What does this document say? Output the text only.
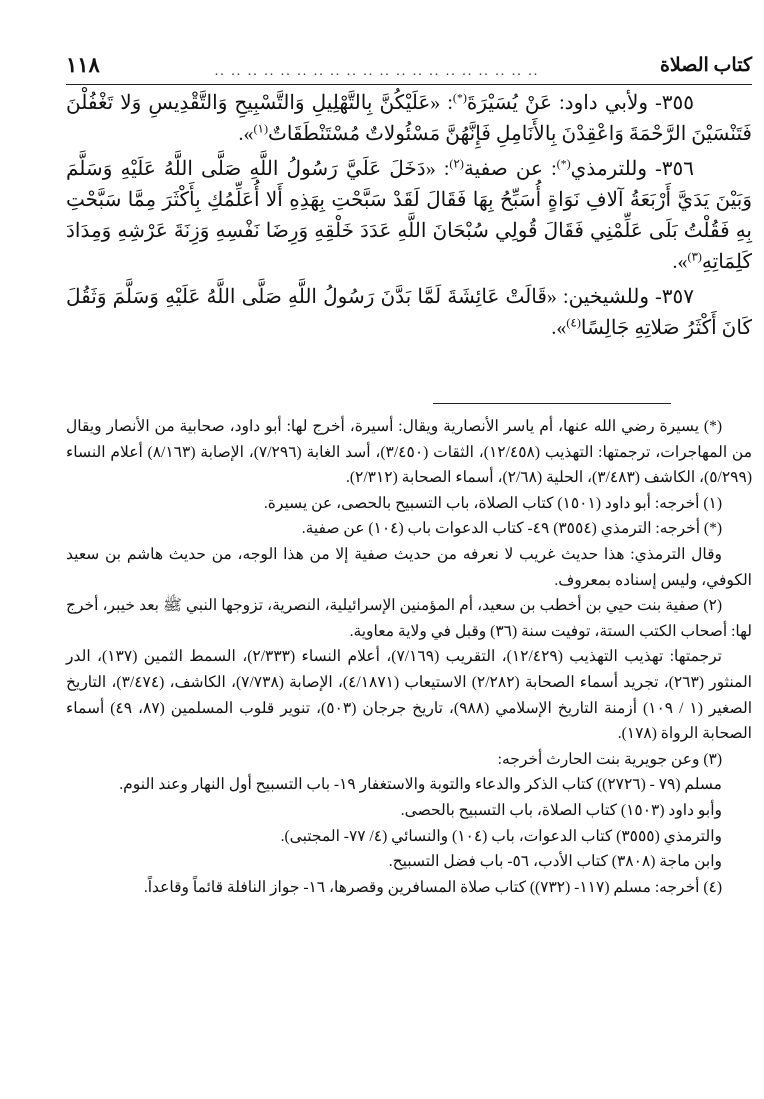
كتاب الصلاة
.. .. .. .. .. .. .. .. .. .. .. .. .. .. .. .. .. .. .. ..
١١٨

٣٥٥- ولأبي داود: عَنْ يُسَيْرَةَ(*): «عَلَيْكُنَّ بِالتَّهْلِيلِ وَالتَّسْبِيحِ وَالتَّقْدِيسِ وَلا تَغْفُلْنَ فَتَنْسَيْنَ الرَّحْمَةَ وَاعْقِدْنَ بِالأَنَامِلِ فَإِنَّهُنَّ مَسْئُولاتٌ مُسْتَنْطَقَاتٌ$^{(١)}$».

٣٥٦- وللترمذي(*): عن صفية$^{(٢)}$: «دَخَلَ عَلَيَّ رَسُولُ اللَّهِ صَلَّى اللَّهُ عَلَيْهِ وَسَلَّمَ وَبَيْنَ يَدَيَّ أَرْبَعَةُ آلافِ نَوَاةٍ أُسَبِّحُ بِهَا فَقَالَ لَقَدْ سَبَّحْتِ بِهَذِهِ أَلا أُعَلِّمُكِ بِأَكْثَرَ مِمَّا سَبَّحْتِ بِهِ فَقُلْتُ بَلَى عَلِّمْنِي فَقَالَ قُولِي سُبْحَانَ اللَّهِ عَدَدَ خَلْقِهِ وَرِضَا نَفْسِهِ وَزِنَةَ عَرْشِهِ وَمِدَادَ كَلِمَاتِهِ$^{(٣)}$».

٣٥٧- وللشيخين: «قَالَتْ عَائِشَةَ لَمَّا بَدَّنَ رَسُولُ اللَّهِ صَلَّى اللَّهُ عَلَيْهِ وَسَلَّمَ وَثَقُلَ كَانَ أَكْثَرُ صَلاتِهِ جَالِسًا$^{(٤)}$».

(*) يسيرة رضي الله عنها، أم ياسر الأنصارية ويقال: أسيرة، أخرج لها: أبو داود، صحابية من الأنصار ويقال من المهاجرات، ترجمتها: التهذيب (١٢/٤٥٨)، الثقات (٣/٤٥٠)، أسد الغابة (٧/٢٩٦)، الإصابة (٨/١٦٣) أعلام النساء (٥/٢٩٩)، الكاشف (٣/٤٨٣)، الحلية (٢/٦٨)، أسماء الصحابة (٢/٣١٢).

(١) أخرجه: أبو داود (١٥٠١) كتاب الصلاة، باب التسبيح بالحصى، عن يسيرة.

(*) أخرجه: الترمذي (٣٥٥٤) ٤٩- كتاب الدعوات باب (١٠٤) عن صفية.

وقال الترمذي: هذا حديث غريب لا نعرفه من حديث صفية إلا من هذا الوجه، من حديث هاشم بن سعيد الكوفي، وليس إسناده بمعروف.

(٢) صفية بنت حيي بن أخطب بن سعيد، أم المؤمنين الإسرائيلية، النصرية، تزوجها النبي ﷺ بعد خيبر، أخرج لها: أصحاب الكتب الستة، توفيت سنة (٣٦) وقبل في ولاية معاوية.

ترجمتها: تهذيب التهذيب (١٢/٤٢٩)، التقريب (٧/١٦٩)، أعلام النساء (٢/٣٣٣)، السمط الثمين (١٣٧)، الدر المنثور (٢٦٣)، تجريد أسماء الصحابة (٢/٢٨٢) الاستيعاب (٤/١٨٧١)، الإصابة (٧/٧٣٨)، الكاشف، (٣/٤٧٤)، التاريخ الصغير (١ / ١٠٩) أزمنة التاريخ الإسلامي (٩٨٨)، تاريخ جرجان (٥٠٣)، تنوير قلوب المسلمين (٨٧، ٤٩) أسماء الصحابة الرواة (١٧٨).

(٣) وعن جويرية بنت الحارث أخرجه:

مسلم (٧٩ - (٢٧٢٦)) كتاب الذكر والدعاء والتوبة والاستغفار ١٩- باب التسبيح أول النهار وعند النوم.

وأبو داود (١٥٠٣) كتاب الصلاة، باب التسبيح بالحصى.

والترمذي (٣٥٥٥) كتاب الدعوات، باب (١٠٤) والنسائي (٤/ ٧٧- المجتبى).

وابن ماجة (٣٨٠٨) كتاب الأدب، ٥٦- باب فضل التسبيح.

(٤) أخرجه: مسلم (١١٧- (٧٣٢)) كتاب صلاة المسافرين وقصرها، ١٦- جواز النافلة قائماً وقاعداً.
